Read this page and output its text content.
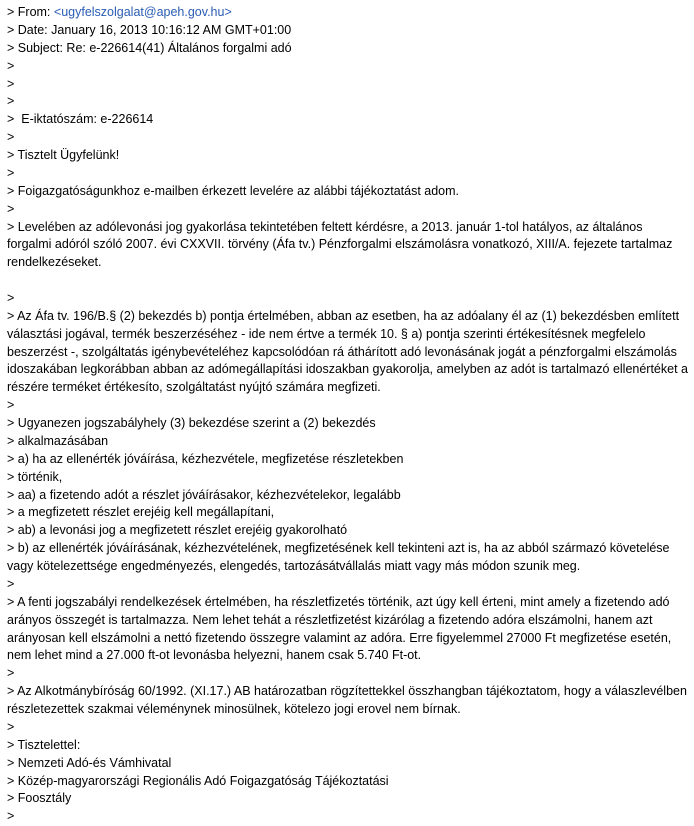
> From: <ugyfelszolgalat@apeh.gov.hu>
> Date: January 16, 2013 10:16:12 AM GMT+01:00
> Subject: Re: e-226614(41) Általános forgalmi adó
>
>
>
>  E-iktatószám: e-226614
>
> Tisztelt Ügyfelünk!
>
> Foigazgatóságunkhoz e-mailben érkezett levelére az alábbi tájékoztatást adom.
>
> Levelében az adólevonási jog gyakorlása tekintetében feltett kérdésre, a 2013. január 1-tol hatályos, az általános forgalmi adóról szóló 2007. évi CXXVII. törvény (Áfa tv.) Pénzforgalmi elszámolásra vonatkozó, XIII/A. fejezete tartalmaz rendelkezéseket.
>
> Az Áfa tv. 196/B.§ (2) bekezdés b) pontja értelmében, abban az esetben, ha az adóalany él az (1) bekezdésben említett választási jogával, termék beszerzéséhez - ide nem értve a termék 10. § a) pontja szerinti értékesítésnek megfelelo beszerzést -, szolgáltatás igénybevételéhez kapcsolódóan rá áthárított adó levonásának jogát a pénzforgalmi elszámolás idoszakában legkorábban abban az adómegállapítási idoszakban gyakorolja, amelyben az adót is tartalmazó ellenértéket a részére terméket értékesíto, szolgáltatást nyújtó számára megfizeti.
>
> Ugyanezen jogszabályhely (3) bekezdése szerint a (2) bekezdés
> alkalmazásában
> a) ha az ellenérték jóváírása, kézhezvétele, megfizetése részletekben
> történik,
> aa) a fizetendo adót a részlet jóváírásakor, kézhezvételekor, legalább
> a megfizetett részlet erejéig kell megállapítani,
> ab) a levonási jog a megfizetett részlet erejéig gyakorolható
> b) az ellenérték jóváírásának, kézhezvételének, megfizetésének kell tekinteni azt is, ha az abból származó követelése vagy kötelezettsége engedményezés, elengedés, tartozásátvállalás miatt vagy más módon szunik meg.
>
> A fenti jogszabályi rendelkezések értelmében, ha részletfizetés történik, azt úgy kell érteni, mint amely a fizetendo adó arányos összegét is tartalmazza. Nem lehet tehát a részletfizetést kizárólag a fizetendo adóra elszámolni, hanem azt arányosan kell elszámolni a nettó fizetendo összegre valamint az adóra. Erre figyelemmel 27000 Ft megfizetése esetén, nem lehet mind a 27.000 ft-ot levonásba helyezni, hanem csak 5.740 Ft-ot.
>
> Az Alkotmánybíróság 60/1992. (XI.17.) AB határozatban rögzítettekkel összhangban tájékoztatom, hogy a válaszlevélben részletezettek szakmai véleménynek minosülnek, kötelezo jogi erovel nem bírnak.
>
> Tisztelettel:
> Nemzeti Adó-és Vámhivatal
> Közép-magyarországi Regionális Adó Foigazgatóság Tájékoztatási
> Foosztály
>
